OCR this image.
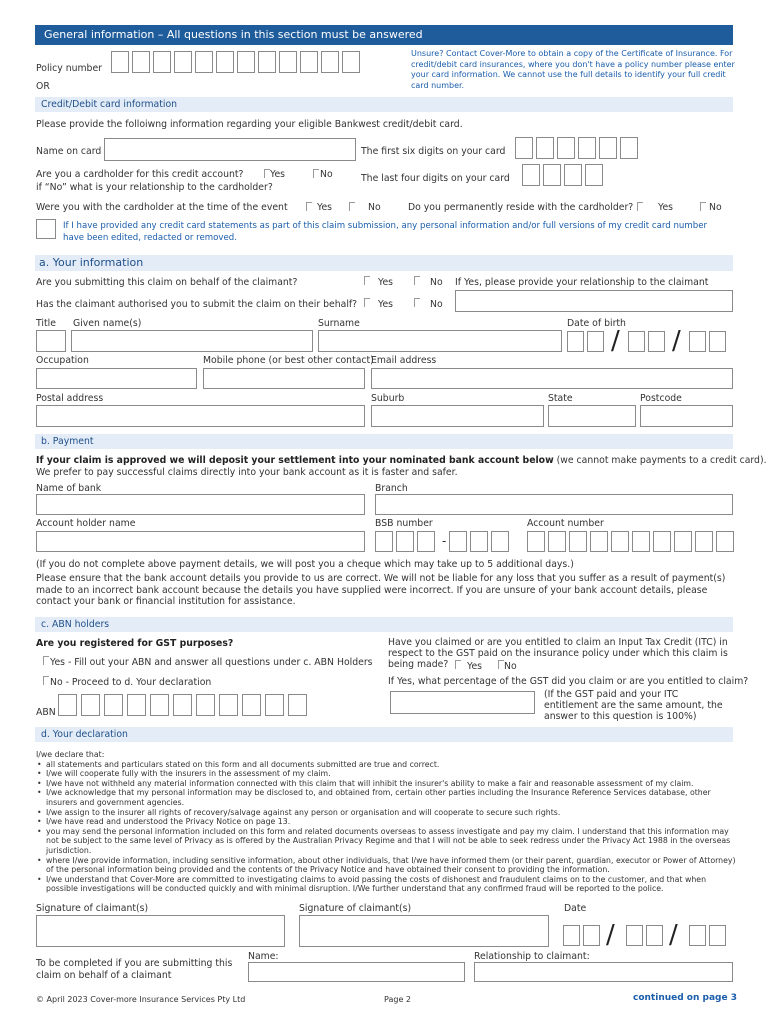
General information – All questions in this section must be answered
Policy number
OR
Unsure? Contact Cover-More to obtain a copy of the Certificate of Insurance. For credit/debit card insurances, where you don't have a policy number please enter your card information. We cannot use the full details to identify your full credit card number.
Credit/Debit card information
Please provide the folloiwng information regarding your eligible Bankwest credit/debit card.
Name on card	The first six digits on your card
Are you a cardholder for this credit account?	Yes	No
if “No” what is your relationship to the cardholder?
The last four digits on your card
Were you with the cardholder at the time of the event	Yes	No	Do you permanently reside with the cardholder?	Yes	No
If I have provided any credit card statements as part of this claim submission, any personal information and/or full versions of my credit card number have been edited, redacted or removed.
a. Your information
Are you submitting this claim on behalf of the claimant?	Yes	No If Yes, please provide your relationship to the claimant
Has the claimant authorised you to submit the claim on their behalf? Yes	No
Title Given name(s)	Surname	Date of birth
/ /
Occupation	Mobile phone (or best other contact)
Email address
Postal address	Suburb	State	Postcode
b. Payment
If your claim is approved we will deposit your settlement into your nominated bank account below (we cannot make payments to a credit card).
We prefer to pay successful claims directly into your bank account as it is faster and safer.
Name of bank	Branch
Account holder name	BSB number	Account number
-
(If you do not complete above payment details, we will post you a cheque which may take up to 5 additional days.)
Please ensure that the bank account details you provide to us are correct. We will not be liable for any loss that you suffer as a result of payment(s) made to an incorrect bank account because the details you have supplied were incorrect. If you are unsure of your bank account details, please contact your bank or financial institution for assistance.
c. ABN holders
Are you registered for GST purposes?
Yes - Fill out your ABN and answer all questions under c. ABN Holders
No - Proceed to d. Your declaration
ABN
Have you claimed or are you entitled to claim an Input Tax Credit (ITC) in respect to the GST paid on the insurance policy under which this claim is being made?	Yes No
If Yes, what percentage of the GST did you claim or are you entitled to claim?
(If the GST paid and your ITC entitlement are the same amount, the answer to this question is 100%)
d. Your declaration
I/we declare that:
• all statements and particulars stated on this form and all documents submitted are true and correct.
• I/we will cooperate fully with the insurers in the assessment of my claim.
• I/we have not withheld any material information connected with this claim that will inhibit the insurer's ability to make a fair and reasonable assessment of my claim.
• I/we acknowledge that my personal information may be disclosed to, and obtained from, certain other parties including the Insurance Reference Services database, other insurers and government agencies.
• I/we assign to the insurer all rights of recovery/salvage against any person or organisation and will cooperate to secure such rights.
• I/we have read and understood the Privacy Notice on page 13.
• you may send the personal information included on this form and related documents overseas to assess investigate and pay my claim. I understand that this information may not be subject to the same level of Privacy as is offered by the Australian Privacy Regime and that I will not be able to seek redress under the Privacy Act 1988 in the overseas jurisdiction.
• where I/we provide information, including sensitive information, about other individuals, that I/we have informed them (or their parent, guardian, executor or Power of Attorney) of the personal information being provided and the contents of the Privacy Notice and have obtained their consent to providing the information.
• I/we understand that Cover-More are committed to investigating claims to avoid passing the costs of dishonest and fraudulent claims on to the customer, and that when possible investigations will be conducted quickly and with minimal disruption. I/We further understand that any confirmed fraud will be reported to the police.
Signature of claimant(s)	Signature of claimant(s)	Date
/ /
To be completed if you are submitting this claim on behalf of a claimant
Name:	Relationship to claimant:
© April 2023 Cover-more Insurance Services Pty Ltd	Page 2	continued on page 3
